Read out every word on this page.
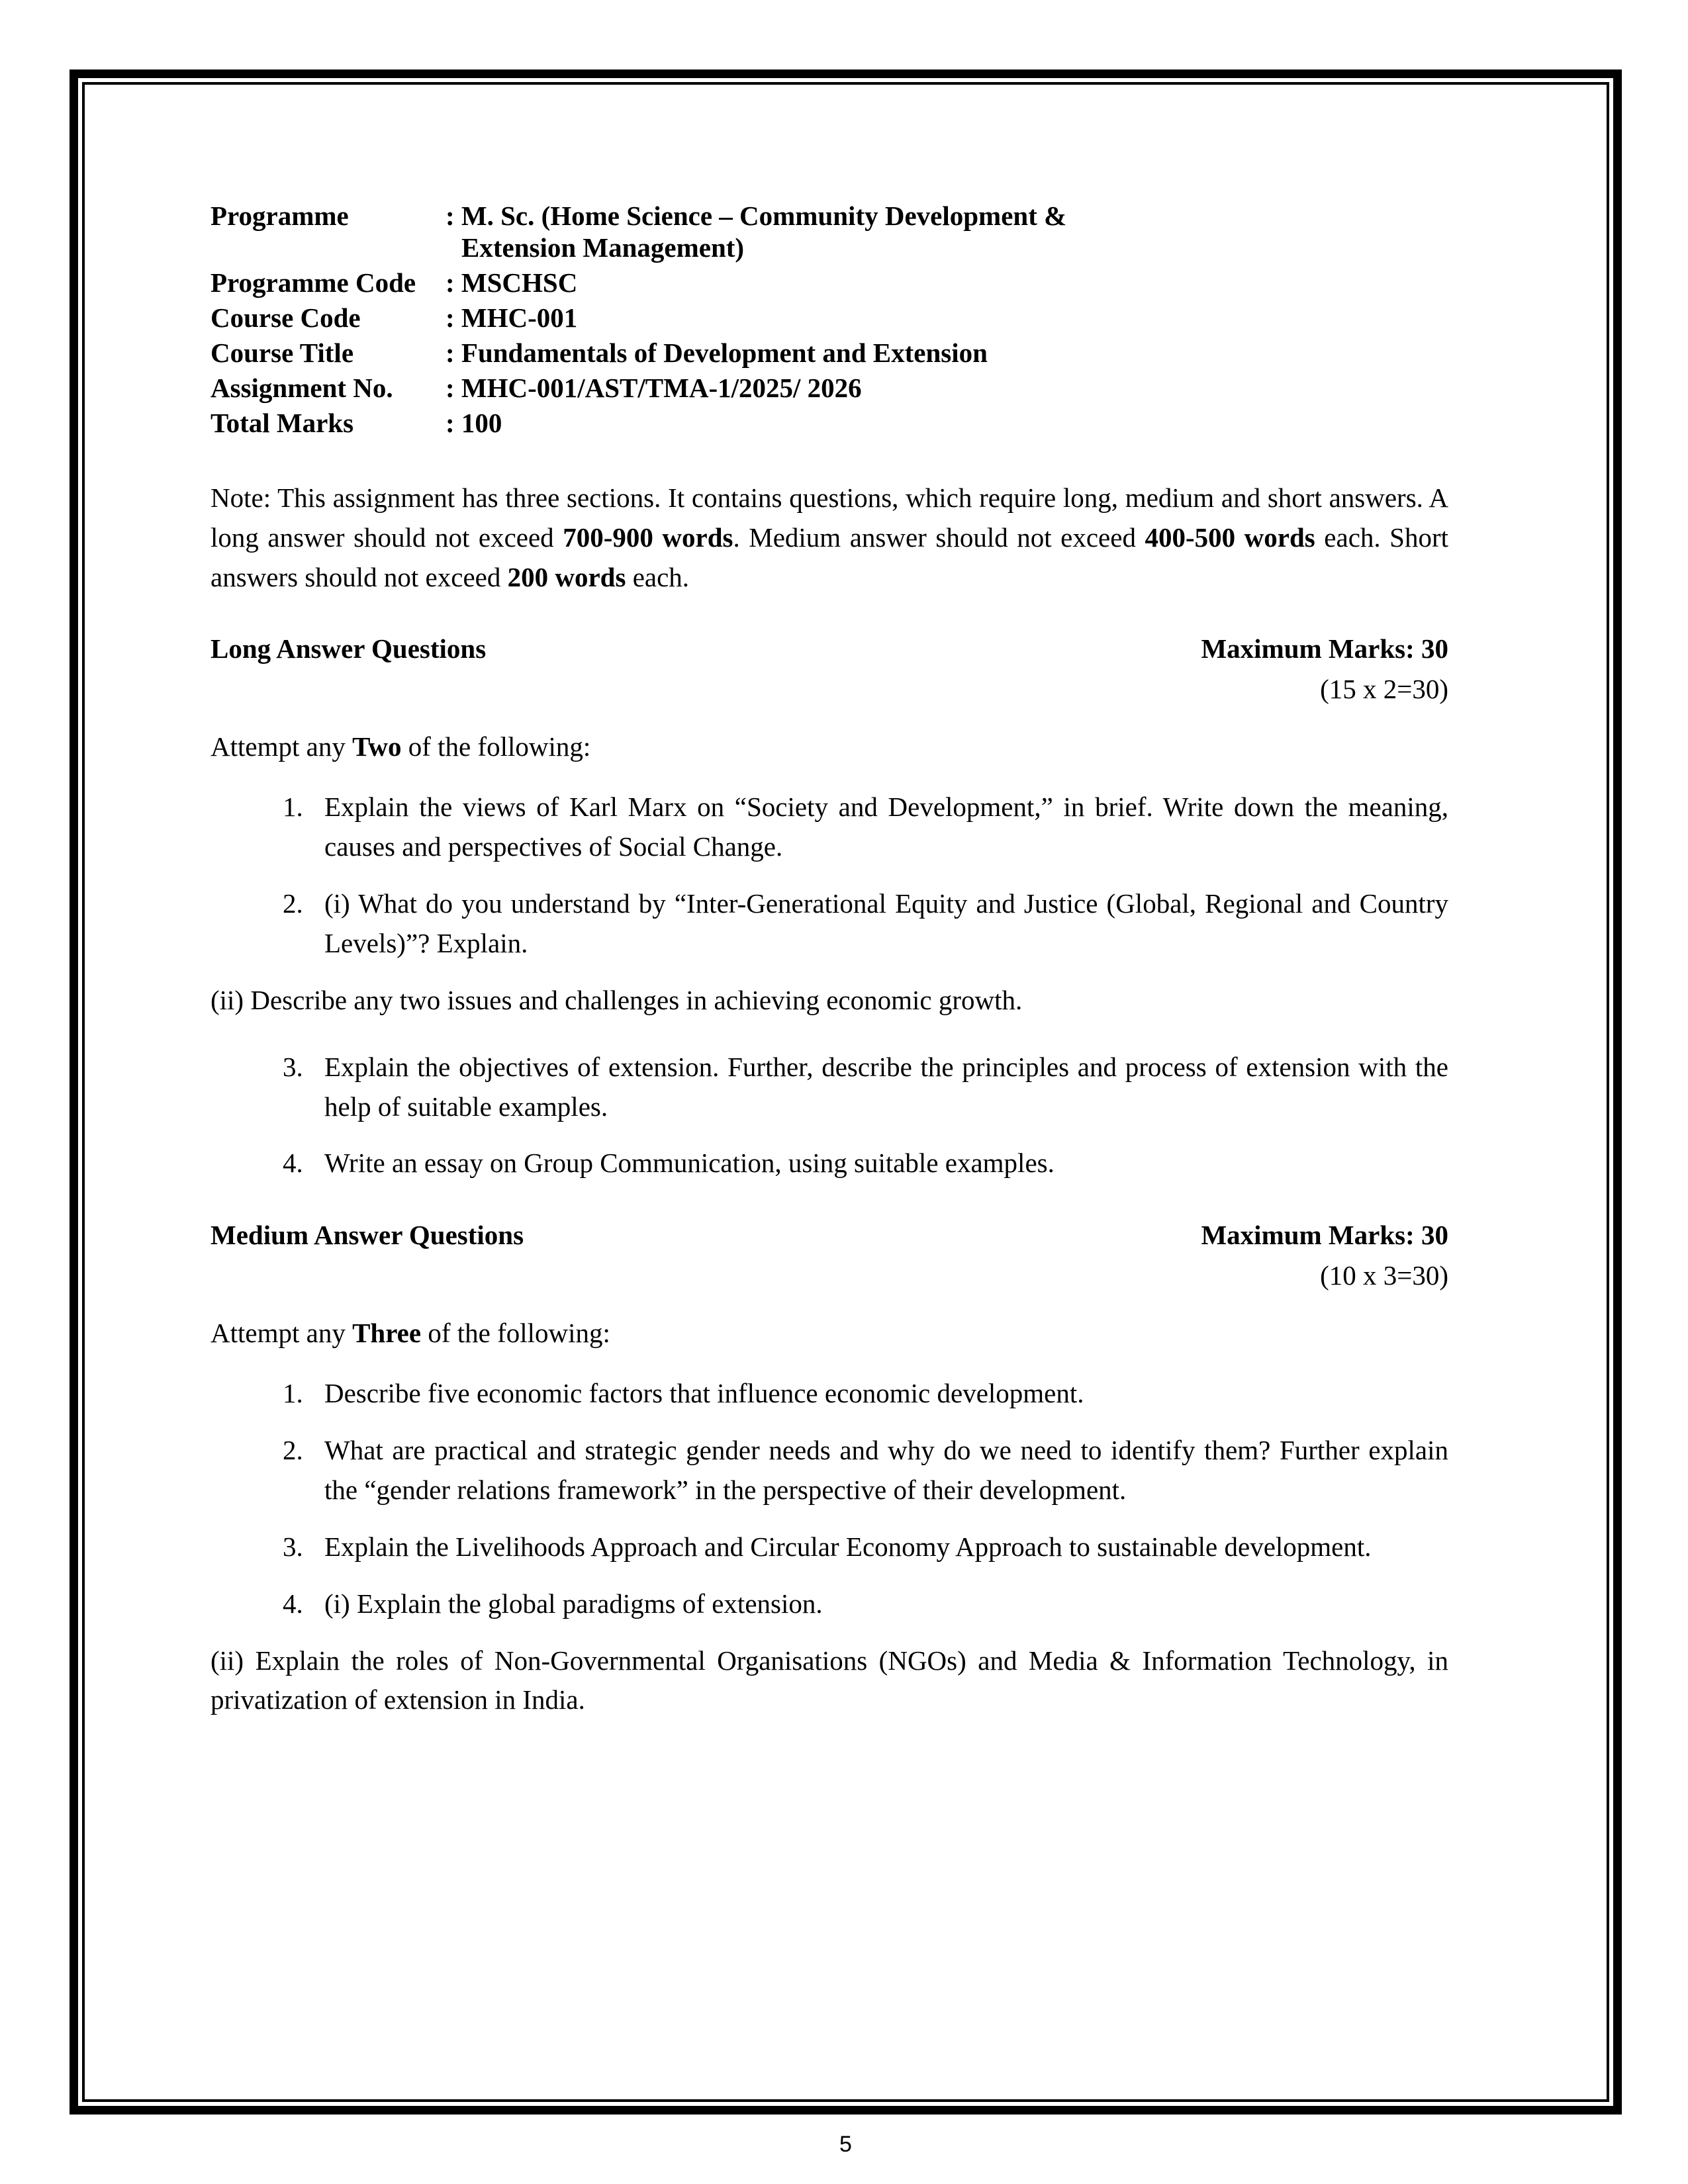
Programme	: M. Sc. (Home Science – Community Development &
Extension Management)

Programme Code	: MSCHSC
Course Code	: MHC-001
Course Title	: Fundamentals of Development and Extension
Assignment No.	: MHC-001/AST/TMA-1/2025/ 2026
Total Marks	: 100

Note: This assignment has three sections. It contains questions, which require long, medium and short answers. A long answer should not exceed 700-900 words. Medium answer should not exceed 400-500 words each. Short answers should not exceed 200 words each.

Long Answer Questions	Maximum Marks: 30
(15 x 2=30)

Attempt any Two of the following:

1. Explain the views of Karl Marx on “Society and Development,” in brief. Write down the meaning, causes and perspectives of Social Change.
2. (i) What do you understand by “Inter-Generational Equity and Justice (Global, Regional and Country Levels)”? Explain.

(ii) Describe any two issues and challenges in achieving economic growth.

3. Explain the objectives of extension. Further, describe the principles and process of extension with the help of suitable examples.
4. Write an essay on Group Communication, using suitable examples.
Medium Answer Questions	Maximum Marks: 30
(10 x 3=30)

Attempt any Three of the following:

1. Describe five economic factors that influence economic development.
2. What are practical and strategic gender needs and why do we need to identify them? Further explain the “gender relations framework” in the perspective of their development.
3. Explain the Livelihoods Approach and Circular Economy Approach to sustainable development.
4. (i) Explain the global paradigms of extension.

(ii) Explain the roles of Non-Governmental Organisations (NGOs) and Media & Information Technology, in privatization of extension in India.

5
